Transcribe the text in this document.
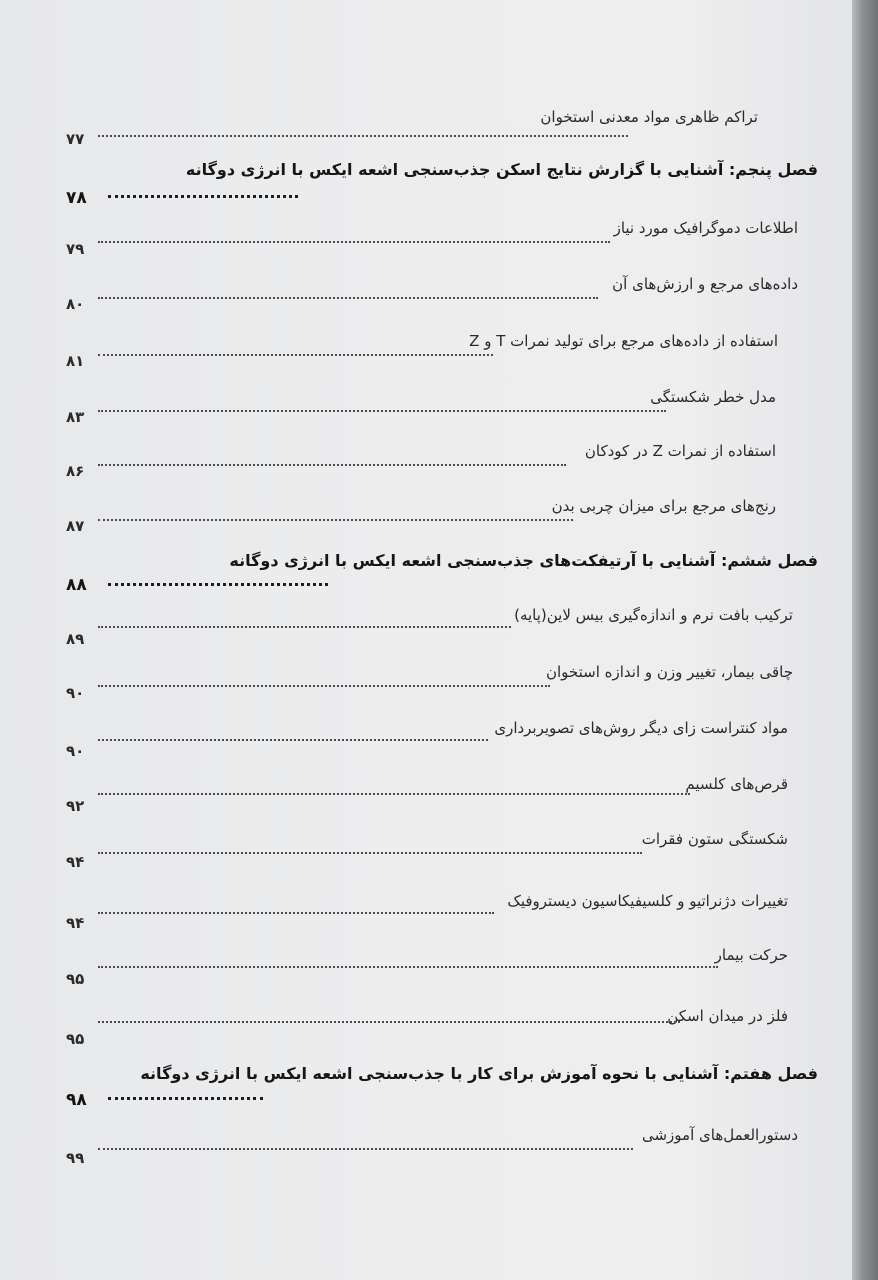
تراکم ظاهری مواد معدنی استخوان
۷۷
فصل پنجم: آشنایی با گزارش نتایج اسکن جذب‌سنجی اشعه ایکس با انرژی دوگانه
۷۸
اطلاعات دموگرافیک مورد نیاز
۷۹
داده‌های مرجع و ارزش‌های آن
۸۰
استفاده از داده‌های مرجع برای تولید نمرات T و Z
۸۱
مدل خطر شکستگی
۸۳
استفاده از نمرات Z در کودکان
۸۶
رنج‌های مرجع برای میزان چربی بدن
۸۷
فصل ششم: آشنایی با آرتیفکت‌های جذب‌سنجی اشعه ایکس با انرژی دوگانه
۸۸
ترکیب بافت نرم و اندازه‌گیری بیس لاین(پایه)
۸۹
چاقی بیمار، تغییر وزن و اندازه استخوان
۹۰
مواد کنتراست زای دیگر روش‌های تصویربرداری
۹۰
قرص‌های کلسیم
۹۲
شکستگی ستون فقرات
۹۴
تغییرات دژنراتیو و کلسیفیکاسیون دیستروفیک
۹۴
حرکت بیمار
۹۵
فلز در میدان اسکن
۹۵
فصل هفتم: آشنایی با نحوه آموزش برای کار با جذب‌سنجی اشعه ایکس با انرژی دوگانه
۹۸
دستورالعمل‌های آموزشی
۹۹
